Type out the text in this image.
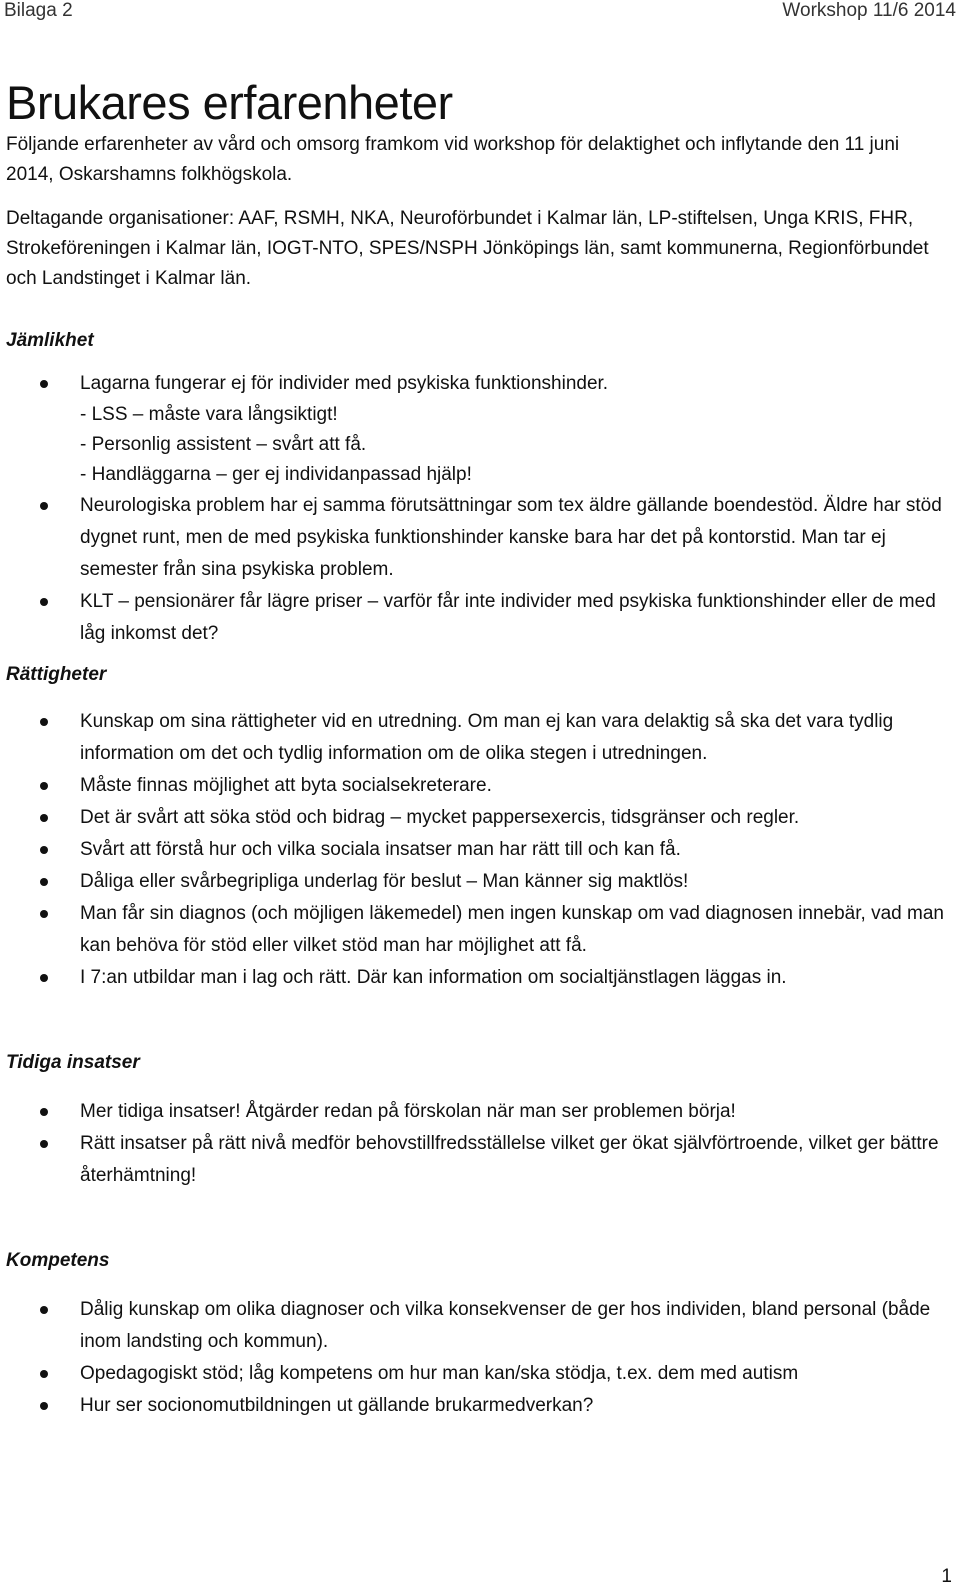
Bilaga 2	Workshop 11/6 2014
Brukares erfarenheter

Följande erfarenheter av vård och omsorg framkom vid workshop för delaktighet och inflytande den 11 juni 2014, Oskarshamns folkhögskola.

Deltagande organisationer: AAF, RSMH, NKA, Neuroförbundet i Kalmar län, LP-stiftelsen, Unga KRIS, FHR, Strokeföreningen i Kalmar län, IOGT-NTO, SPES/NSPH Jönköpings län, samt kommunerna, Regionförbundet och Landstinget i Kalmar län.

Jämlikhet
Lagarna fungerar ej för individer med psykiska funktionshinder.
- LSS – måste vara långsiktigt!
- Personlig assistent – svårt att få.
- Handläggarna – ger ej individanpassad hjälp!
Neurologiska problem har ej samma förutsättningar som tex äldre gällande boendestöd. Äldre har stöd dygnet runt, men de med psykiska funktionshinder kanske bara har det på kontorstid. Man tar ej semester från sina psykiska problem.
KLT – pensionärer får lägre priser – varför får inte individer med psykiska funktionshinder eller de med låg inkomst det?
Rättigheter
Kunskap om sina rättigheter vid en utredning. Om man ej kan vara delaktig så ska det vara tydlig information om det och tydlig information om de olika stegen i utredningen.
Måste finnas möjlighet att byta socialsekreterare.
Det är svårt att söka stöd och bidrag – mycket pappersexercis, tidsgränser och regler.
Svårt att förstå hur och vilka sociala insatser man har rätt till och kan få.
Dåliga eller svårbegripliga underlag för beslut – Man känner sig maktlös!
Man får sin diagnos (och möjligen läkemedel) men ingen kunskap om vad diagnosen innebär, vad man kan behöva för stöd eller vilket stöd man har möjlighet att få.
I 7:an utbildar man i lag och rätt. Där kan information om socialtjänstlagen läggas in.
Tidiga insatser
Mer tidiga insatser! Åtgärder redan på förskolan när man ser problemen börja!
Rätt insatser på rätt nivå medför behovstillfredsställelse vilket ger ökat självförtroende, vilket ger bättre återhämtning!
Kompetens
Dålig kunskap om olika diagnoser och vilka konsekvenser de ger hos individen, bland personal (både inom landsting och kommun).
Opedagogiskt stöd; låg kompetens om hur man kan/ska stödja, t.ex. dem med autism
Hur ser socionomutbildningen ut gällande brukarmedverkan?
1
